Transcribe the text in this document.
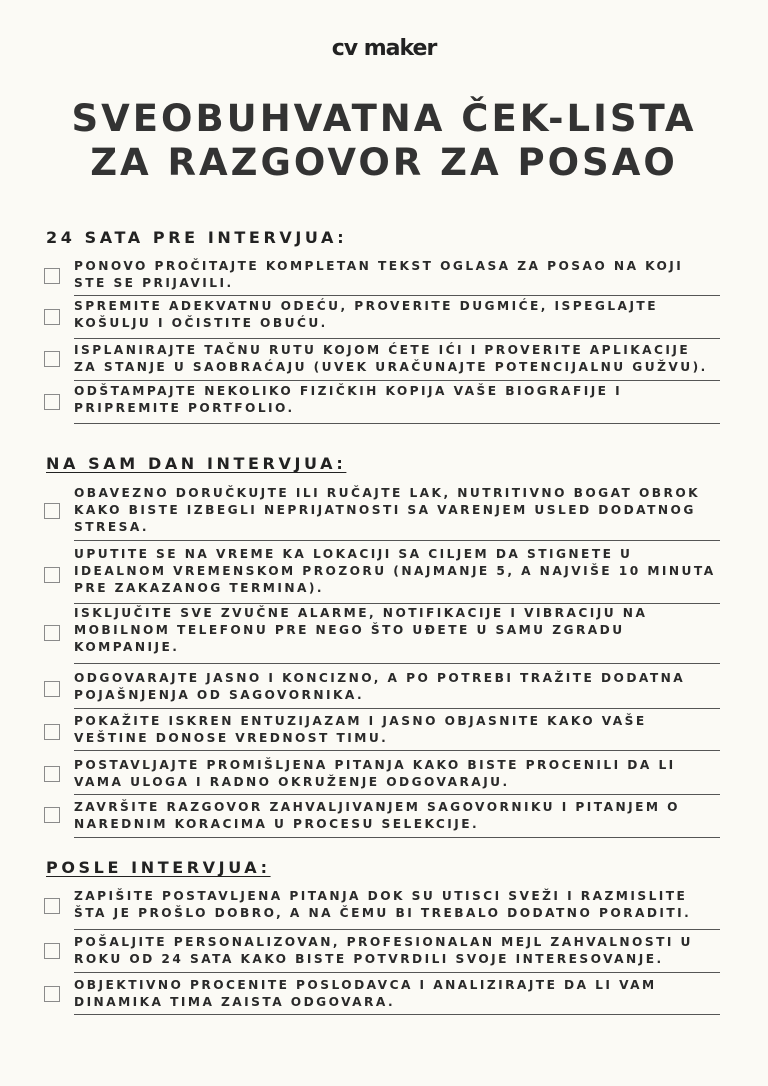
cv maker
SVEOBUHVATNA ČEK-LISTA
ZA RAZGOVOR ZA POSAO
24 SATA PRE INTERVJUA:
NA SAM DAN INTERVJUA:
POSLE INTERVJUA:
PONOVO PROČITAJTE KOMPLETAN TEKST OGLASA ZA POSAO NA KOJI
STE SE PRIJAVILI.
SPREMITE ADEKVATNU ODEĆU, PROVERITE DUGMIĆE, ISPEGLAJTE
KOŠULJU I OČISTITE OBUĆU.
ISPLANIRAJTE TAČNU RUTU KOJOM ĆETE IĆI I PROVERITE APLIKACIJE
ZA STANJE U SAOBRAĆAJU (UVEK URAČUNAJTE POTENCIJALNU GUŽVU).
ODŠTAMPAJTE NEKOLIKO FIZIČKIH KOPIJA VAŠE BIOGRAFIJE I
PRIPREMITE PORTFOLIO.
OBAVEZNO DORUČKUJTE ILI RUČAJTE LAK, NUTRITIVNO BOGAT OBROK
KAKO BISTE IZBEGLI NEPRIJATNOSTI SA VARENJEM USLED DODATNOG
STRESA.
UPUTITE SE NA VREME KA LOKACIJI SA CILJEM DA STIGNETE U
IDEALNOM VREMENSKOM PROZORU (NAJMANJE 5, A NAJVIŠE 10 MINUTA
PRE ZAKAZANOG TERMINA).
ISKLJUČITE SVE ZVUČNE ALARME, NOTIFIKACIJE I VIBRACIJU NA
MOBILNOM TELEFONU PRE NEGO ŠTO UĐETE U SAMU ZGRADU
KOMPANIJE.
ODGOVARAJTE JASNO I KONCIZNO, A PO POTREBI TRAŽITE DODATNA
POJAŠNJENJA OD SAGOVORNIKA.
POKAŽITE ISKREN ENTUZIJAZAM I JASNO OBJASNITE KAKO VAŠE
VEŠTINE DONOSE VREDNOST TIMU.
POSTAVLJAJTE PROMIŠLJENA PITANJA KAKO BISTE PROCENILI DA LI
VAMA ULOGA I RADNO OKRUŽENJE ODGOVARAJU.
ZAVRŠITE RAZGOVOR ZAHVALJIVANJEM SAGOVORNIKU I PITANJEM O
NAREDNIM KORACIMA U PROCESU SELEKCIJE.
ZAPIŠITE POSTAVLJENA PITANJA DOK SU UTISCI SVEŽI I RAZMISLITE
ŠTA JE PROŠLO DOBRO, A NA ČEMU BI TREBALO DODATNO PORADITI.
POŠALJITE PERSONALIZOVAN, PROFESIONALAN MEJL ZAHVALNOSTI U
ROKU OD 24 SATA KAKO BISTE POTVRDILI SVOJE INTERESOVANJE.
OBJEKTIVNO PROCENITE POSLODAVCA I ANALIZIRAJTE DA LI VAM
DINAMIKA TIMA ZAISTA ODGOVARA.
